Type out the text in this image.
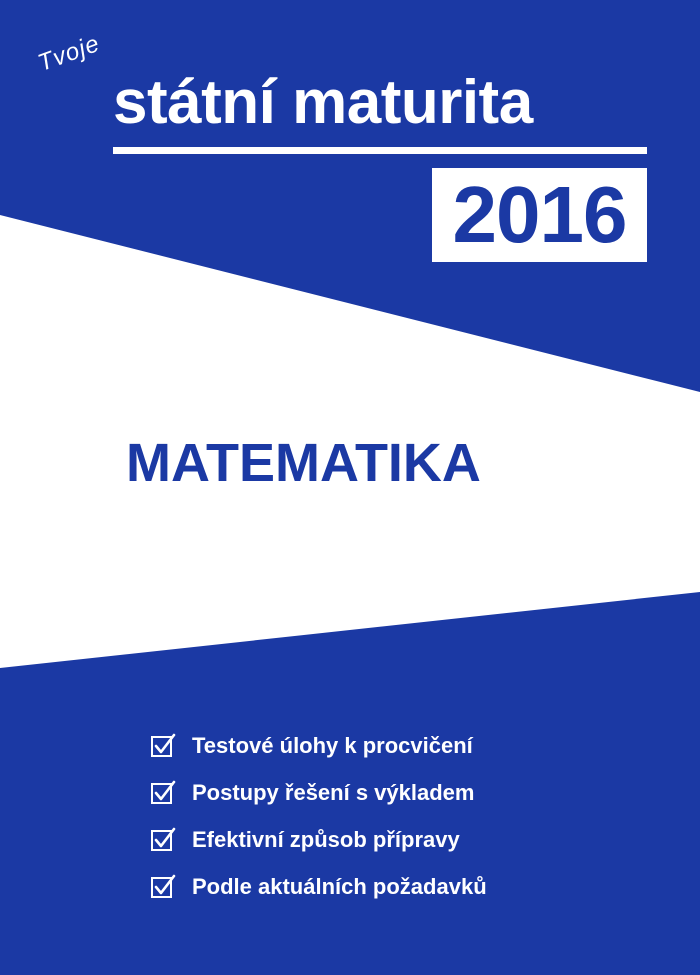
Tvoje
státní maturita
2016
MATEMATIKA
Testové úlohy k procvičení
Postupy řešení s výkladem
Efektivní způsob přípravy
Podle aktuálních požadavků
